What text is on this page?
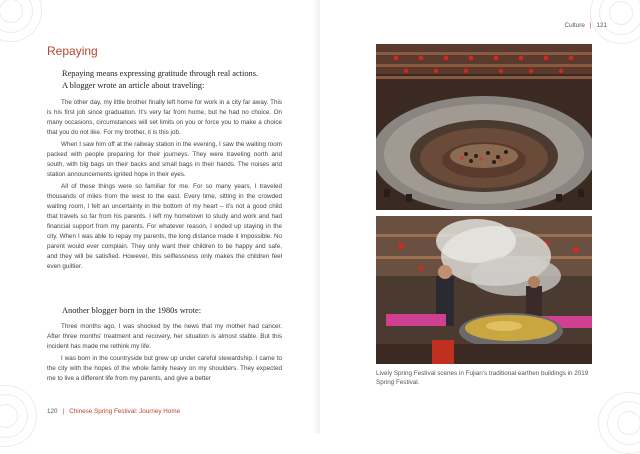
Repaying
Repaying means expressing gratitude through real actions.
A blogger wrote an article about traveling:

The other day, my little brother finally left home for work in a city far away. This is his first job since graduation. It's very far from home, but he had no choice. On many occasions, circumstances will set limits on you or force you to make a choice that you do not like. For my brother, it is this job.

When I saw him off at the railway station in the evening, I saw the waiting room packed with people preparing for their journeys. They were traveling north and south, with big bags on their backs and small bags in their hands. The noises and station announcements ignited hope in their eyes.

All of these things were so familiar for me. For so many years, I traveled thousands of miles from the west to the east. Every time, sitting in the crowded waiting room, I felt an uncertainty in the bottom of my heart – it's not a good child that travels so far from his parents. I left my hometown to study and work and had financial support from my parents. For whatever reason, I ended up staying in the city. When I was able to repay my parents, the long distance made it impossible. No parent would ever complain. They only want their children to be happy and safe, and they will be satisfied. However, this selflessness only makes the children feel even guiltier.

Another blogger born in the 1980s wrote:

Three months ago, I was shocked by the news that my mother had cancer. After three months' treatment and recovery, her situation is almost stable. But this incident has made me rethink my life.

I was born in the countryside but grew up under careful stewardship. I came to the city with the hopes of the whole family heavy on my shoulders. They expected me to live a different life from my parents, and give a better

120 | Chinese Spring Festival: Journey Home
Culture | 121
Lively Spring Festival scenes in Fujian's traditional earthen buildings in 2019 Spring Festival.
